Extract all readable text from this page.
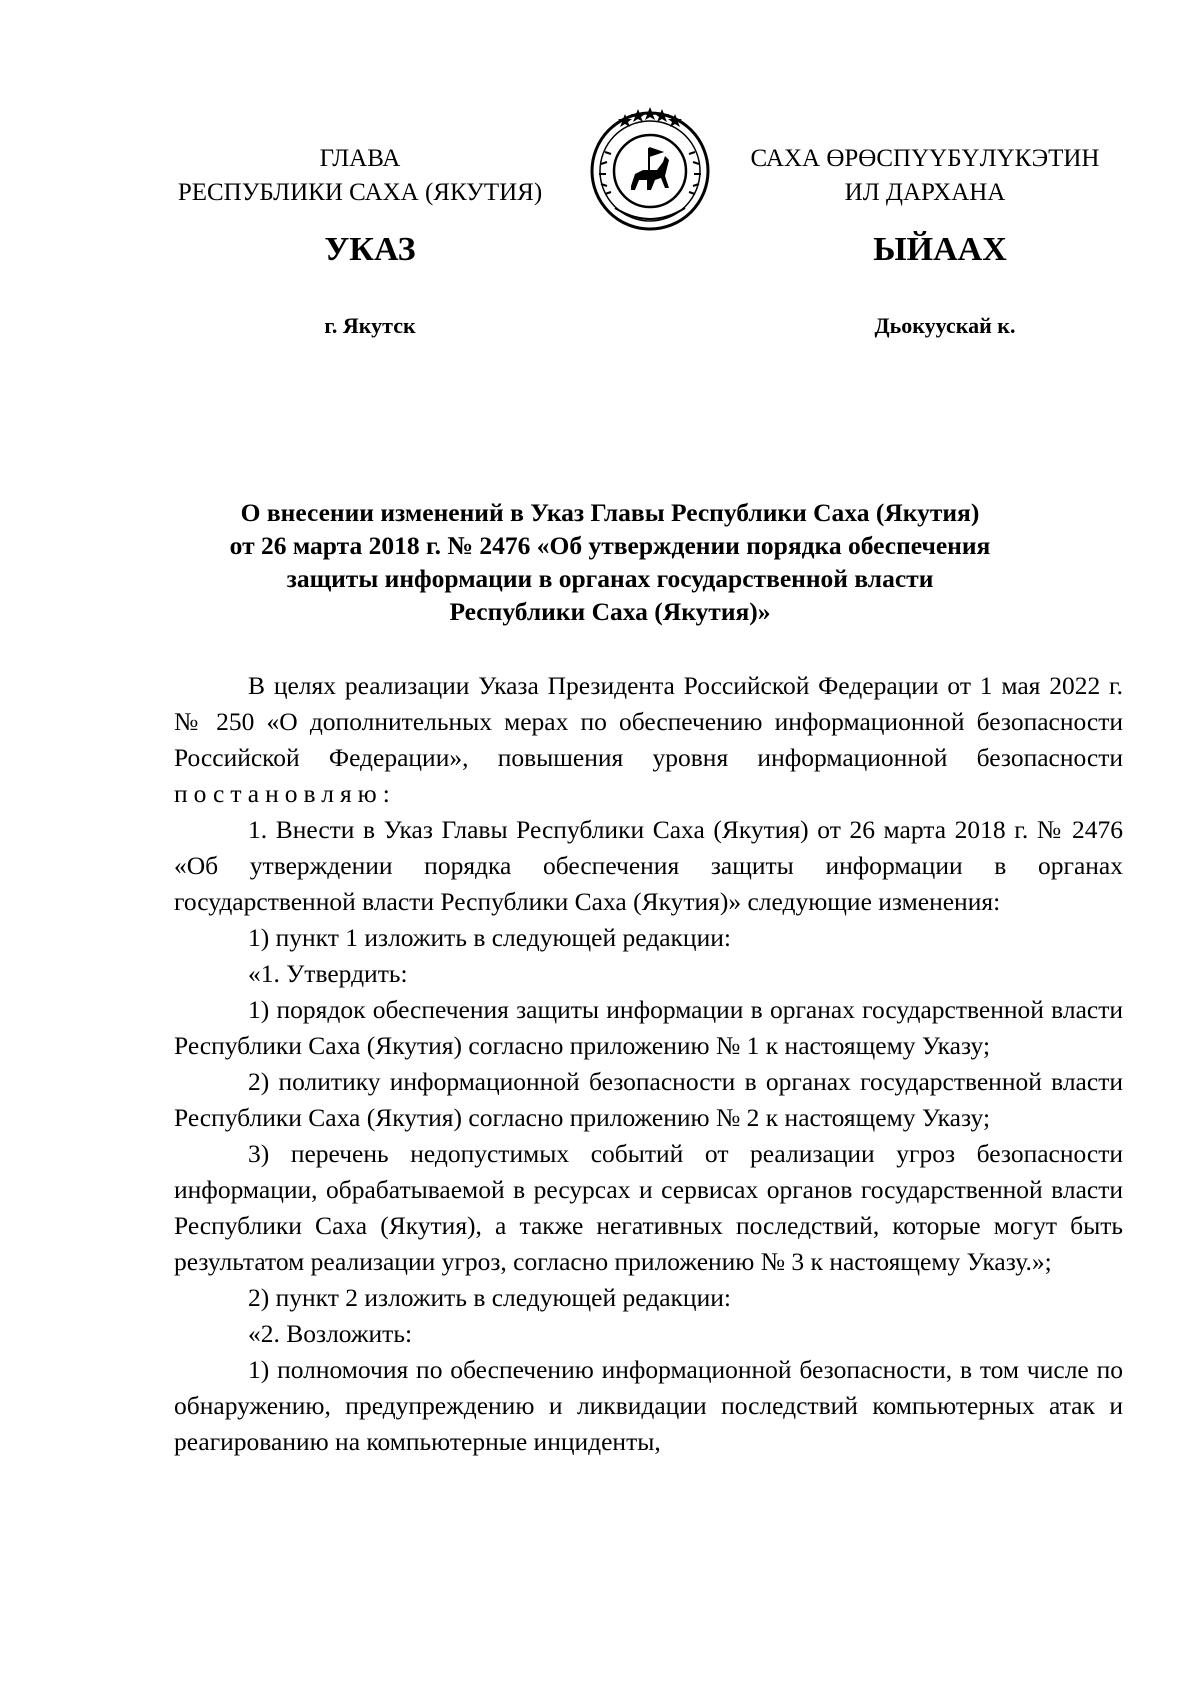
ГЛАВА
РЕСПУБЛИКИ САХА (ЯКУТИЯ)
САХА ӨРӨСПҮҮБҮЛҮКЭТИН
ИЛ ДАРХАНА
УКАЗ	ЫЙААХ
г. Якутск	Дьокуускай к.
О внесении изменений в Указ Главы Республики Саха (Якутия)
от 26 марта 2018 г. № 2476 «Об утверждении порядка обеспечения
защиты информации в органах государственной власти
Республики Саха (Якутия)»

В целях реализации Указа Президента Российской Федерации от 1 мая 2022 г. № 250 «О дополнительных мерах по обеспечению информационной безопасности Российской Федерации», повышения уровня информационной безопасности постановляю:

1. Внести в Указ Главы Республики Саха (Якутия) от 26 марта 2018 г. № 2476 «Об утверждении порядка обеспечения защиты информации в органах государственной власти Республики Саха (Якутия)» следующие изменения:

1) пункт 1 изложить в следующей редакции:

«1. Утвердить:

1) порядок обеспечения защиты информации в органах государственной власти Республики Саха (Якутия) согласно приложению № 1 к настоящему Указу;

2) политику информационной безопасности в органах государственной власти Республики Саха (Якутия) согласно приложению № 2 к настоящему Указу;

3) перечень недопустимых событий от реализации угроз безопасности информации, обрабатываемой в ресурсах и сервисах органов государственной власти Республики Саха (Якутия), а также негативных последствий, которые могут быть результатом реализации угроз, согласно приложению № 3 к настоящему Указу.»;

2) пункт 2 изложить в следующей редакции:

«2. Возложить:

1) полномочия по обеспечению информационной безопасности, в том числе по обнаружению, предупреждению и ликвидации последствий компьютерных атак и реагированию на компьютерные инциденты,
